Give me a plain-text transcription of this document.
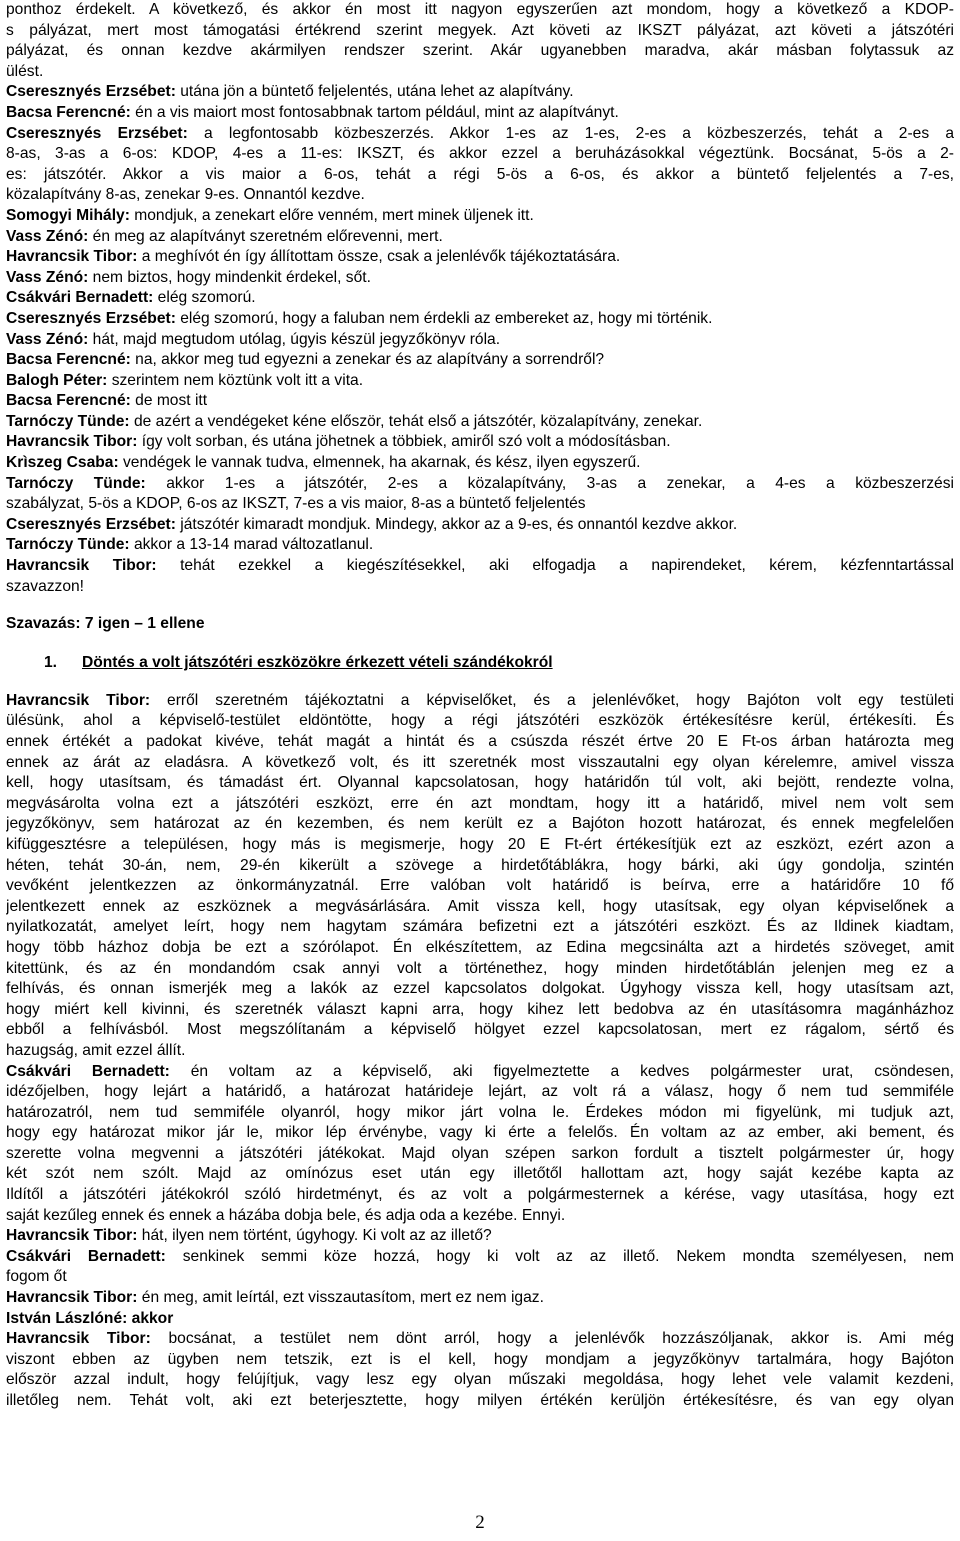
ponthoz érdekelt. A következő, és akkor én most itt nagyon egyszerűen azt mondom, hogy a következő a KDOP-
s pályázat, mert most támogatási értékrend szerint megyek. Azt követi az IKSZT pályázat, azt követi a játszótéri
pályázat, és onnan kezdve akármilyen rendszer szerint. Akár ugyanebben maradva, akár másban folytassuk az
ülést.
Cseresznyés Erzsébet: utána jön a büntető feljelentés, utána lehet az alapítvány.
Bacsa Ferencné: én a vis maiort most fontosabbnak tartom például, mint az alapítványt.
Cseresznyés Erzsébet: a legfontosabb közbeszerzés. Akkor 1-es az 1-es, 2-es a közbeszerzés, tehát a 2-es a
8-as, 3-as a 6-os: KDOP, 4-es a 11-es: IKSZT, és akkor ezzel a beruházásokkal végeztünk. Bocsánat, 5-ös a 2-
es: játszótér. Akkor a vis maior a 6-os, tehát a régi 5-ös a 6-os, és akkor a büntető feljelentés a 7-es,
közalapítvány 8-as, zenekar 9-es. Onnantól kezdve.
Somogyi Mihály: mondjuk, a zenekart előre venném, mert minek üljenek itt.
Vass Zénó: én meg az alapítványt szeretném előrevenni, mert.
Havrancsik Tibor: a meghívót én így állítottam össze, csak a jelenlévők tájékoztatására.
Vass Zénó: nem biztos, hogy mindenkit érdekel, sőt.
Csákvári Bernadett: elég szomorú.
Cseresznyés Erzsébet: elég szomorú, hogy a faluban nem érdekli az embereket az, hogy mi történik.
Vass Zénó: hát, majd megtudom utólag, úgyis készül jegyzőkönyv róla.
Bacsa Ferencné: na, akkor meg tud egyezni a zenekar és az alapítvány a sorrendről?
Balogh Péter: szerintem nem köztünk volt itt a vita.
Bacsa Ferencné: de most itt
Tarnóczy Tünde: de azért a vendégeket kéne először, tehát első a játszótér, közalapítvány, zenekar.
Havrancsik Tibor: így volt sorban, és utána jöhetnek a többiek, amiről szó volt a módosításban.
Krìszeg Csaba: vendégek le vannak tudva, elmennek, ha akarnak, és kész, ilyen egyszerű.
Tarnóczy Tünde: akkor 1-es a játszótér, 2-es a közalapítvány, 3-as a zenekar, a 4-es a közbeszerzési
szabályzat, 5-ös a KDOP, 6-os az IKSZT, 7-es a vis maior, 8-as a büntető feljelentés
Cseresznyés Erzsébet: játszótér kimaradt mondjuk. Mindegy, akkor az a 9-es, és onnantól kezdve akkor.
Tarnóczy Tünde: akkor a 13-14 marad változatlanul.
Havrancsik Tibor: tehát ezekkel a kiegészítésekkel, aki elfogadja a napirendeket, kérem, kézfenntartással
szavazzon!
Szavazás: 7 igen – 1 ellene
1. Döntés a volt játszótéri eszközökre érkezett vételi szándékokról
Havrancsik Tibor: erről szeretném tájékoztatni a képviselőket, és a jelenlévőket, hogy Bajóton volt egy testületi
ülésünk, ahol a képviselő-testület eldöntötte, hogy a régi játszótéri eszközök értékesítésre kerül, értékesíti. És
ennek értékét a padokat kivéve, tehát magát a hintát és a csúszda részét értve 20 E Ft-os árban határozta meg
ennek az árát az eladásra. A következő volt, és itt szeretnék most visszautalni egy olyan kérelemre, amivel vissza
kell, hogy utasítsam, és támadást ért. Olyannal kapcsolatosan, hogy határidőn túl volt, aki bejött, rendezte volna,
megvásárolta volna ezt a játszótéri eszközt, erre én azt mondtam, hogy itt a határidő, mivel nem volt sem
jegyzőkönyv, sem határozat az én kezemben, és nem került ez a Bajóton hozott határozat, és ennek megfelelően
kifüggesztésre a településen, hogy más is megismerje, hogy 20 E Ft-ért értékesítjük ezt az eszközt, ezért azon a
héten, tehát 30-án, nem, 29-én kikerült a szövege a hirdetőtáblákra, hogy bárki, aki úgy gondolja, szintén
vevőként jelentkezzen az önkormányzatnál. Erre valóban volt határidő is beírva, erre a határidőre 10 fő
jelentkezett ennek az eszköznek a megvásárlására. Amit vissza kell, hogy utasítsak, egy olyan képviselőnek a
nyilatkozatát, amelyet leírt, hogy nem hagytam számára befizetni ezt a játszótéri eszközt. És az Ildinek kiadtam,
hogy több házhoz dobja be ezt a szórólapot. Én elkészítettem, az Edina megcsinálta azt a hirdetés szöveget, amit
kitettünk, és az én mondandóm csak annyi volt a történethez, hogy minden hirdetőtáblán jelenjen meg ez a
felhívás, és onnan ismerjék meg a lakók az ezzel kapcsolatos dolgokat. Úgyhogy vissza kell, hogy utasítsam azt,
hogy miért kell kivinni, és szeretnék választ kapni arra, hogy kihez lett bedobva az én utasításomra magánházhoz
ebből a felhívásból. Most megszólítanám a képviselő hölgyet ezzel kapcsolatosan, mert ez rágalom, sértő és
hazugság, amit ezzel állít.
Csákvári Bernadett: én voltam az a képviselő, aki figyelmeztette a kedves polgármester urat, csöndesen,
idézőjelben, hogy lejárt a határidő, a határozat határideje lejárt, az volt rá a válasz, hogy ő nem tud semmiféle
határozatról, nem tud semmiféle olyanról, hogy mikor járt volna le. Érdekes módon mi figyelünk, mi tudjuk azt,
hogy egy határozat mikor jár le, mikor lép érvénybe, vagy ki érte a felelős. Én voltam az az ember, aki bement, és
szerette volna megvenni a játszótéri játékokat. Majd olyan szépen sarkon fordult a tisztelt polgármester úr, hogy
két szót nem szólt. Majd az omínózus eset után egy illetőtől hallottam azt, hogy saját kezébe kapta az
Ildítől a játszótéri játékokról szóló hirdetményt, és az volt a polgármesternek a kérése, vagy utasítása, hogy ezt
saját kezűleg ennek és ennek a házába dobja bele, és adja oda a kezébe. Ennyi.
Havrancsik Tibor: hát, ilyen nem történt, úgyhogy. Ki volt az az illető?
Csákvári Bernadett: senkinek semmi köze hozzá, hogy ki volt az az illető. Nekem mondta személyesen, nem
fogom őt
Havrancsik Tibor: én meg, amit leírtál, ezt visszautasítom, mert ez nem igaz.
István Lászlóné: akkor
Havrancsik Tibor: bocsánat, a testület nem dönt arról, hogy a jelenlévők hozzászóljanak, akkor is. Ami még
viszont ebben az ügyben nem tetszik, ezt is el kell, hogy mondjam a jegyzőkönyv tartalmára, hogy Bajóton
először azzal indult, hogy felújítjuk, vagy lesz egy olyan műszaki megoldása, hogy lehet vele valamit kezdeni,
illetőleg nem. Tehát volt, aki ezt beterjesztette, hogy milyen értékén kerüljön értékesítésre, és van egy olyan
2
